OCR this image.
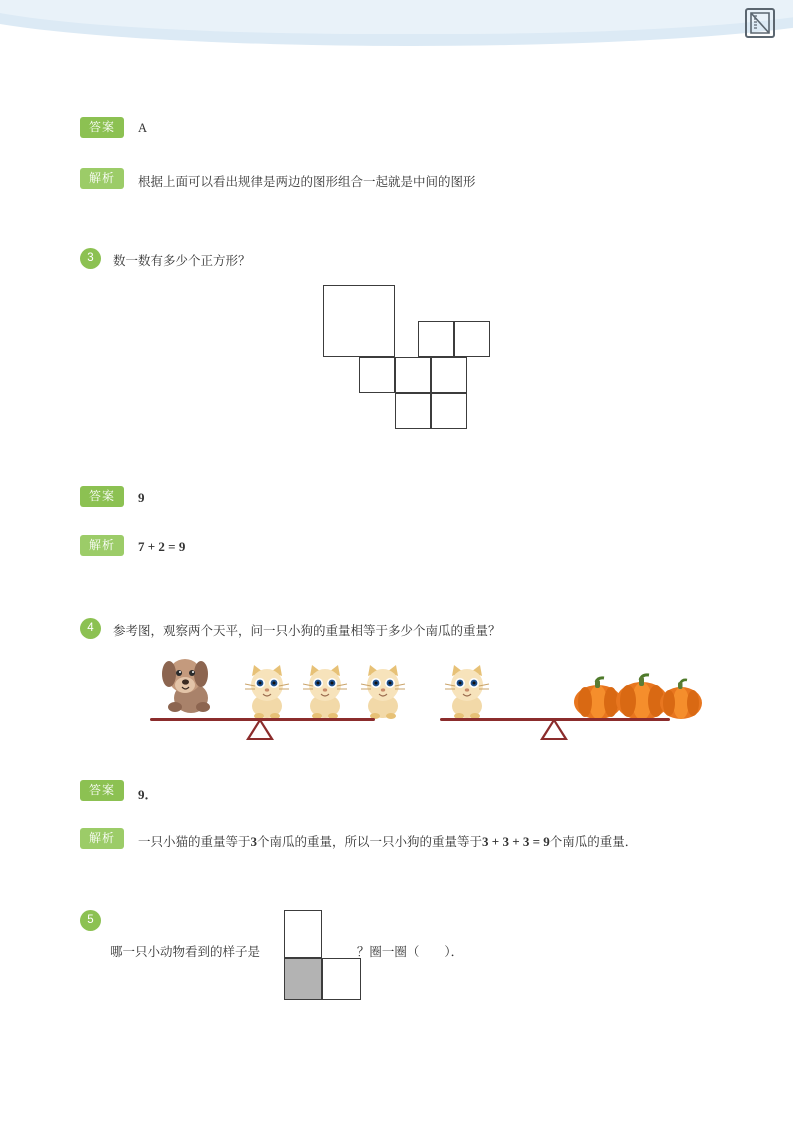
答案	A
解析	根据上面可以看出规律是两边的图形组合一起就是中间的图形
3	数一数有多少个正方形？
答案	9
解析	7 + 2 = 9
4	参考图，观察两个天平，问一只小狗的重量相等于多少个南瓜的重量？
答案	9．
解析	一只小猫的重量等于3个南瓜的重量，所以一只小狗的重量等于3 + 3 + 3 = 9个南瓜的重量．
5
哪一只小动物看到的样子是	？圈一圈（　　）．
